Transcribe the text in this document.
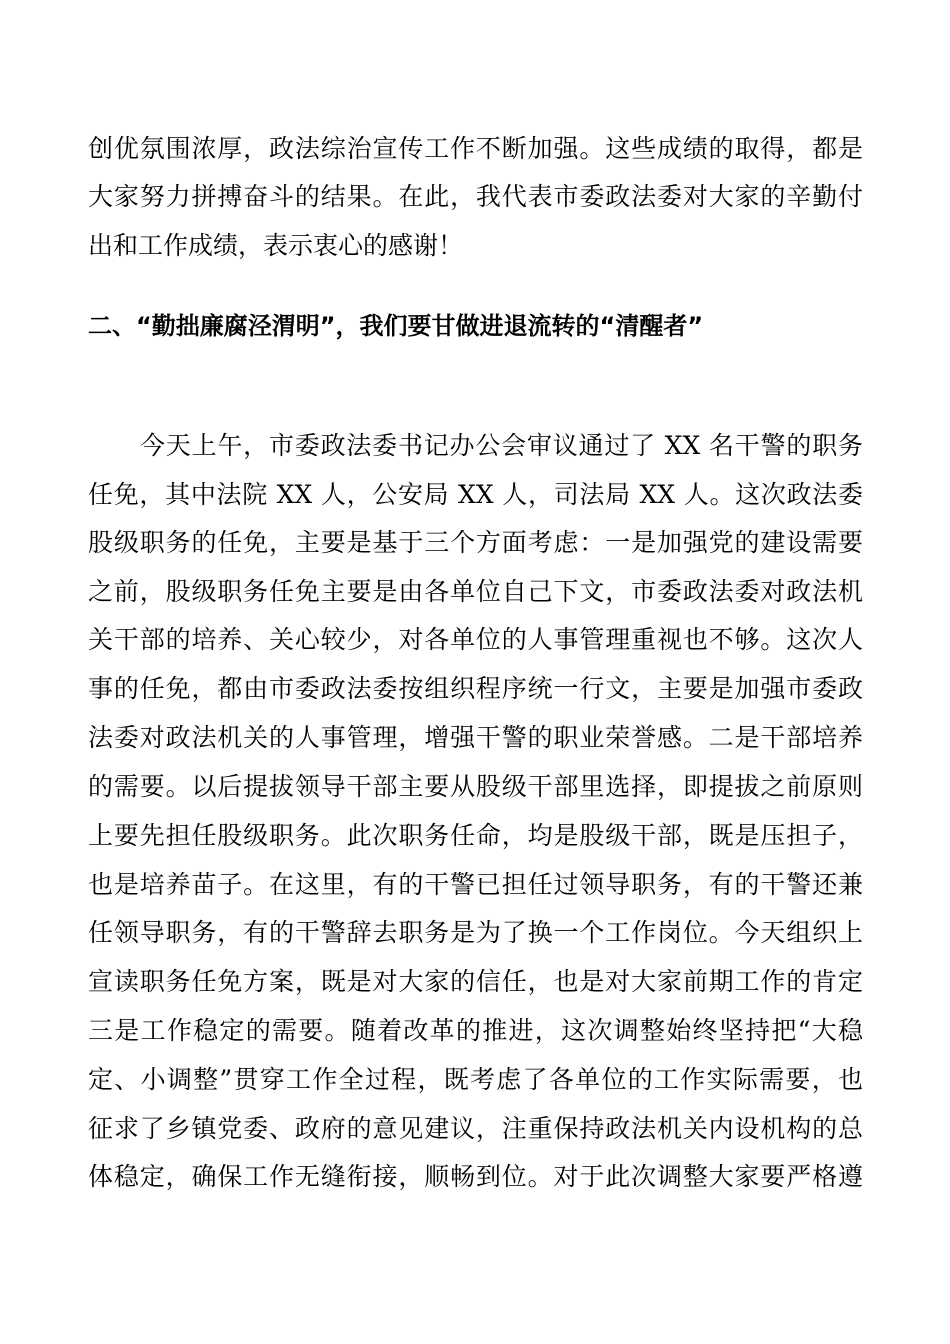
创优氛围浓厚，政法综治宣传工作不断加强。这些成绩的取得，都是
大家努力拼搏奋斗的结果。在此，我代表市委政法委对大家的辛勤付
出和工作成绩，表示衷心的感谢！
二、“勤拙廉腐泾渭明”，我们要甘做进退流转的“清醒者”
今天上午，市委政法委书记办公会审议通过了 XX 名干警的职务
任免，其中法院 XX 人，公安局 XX 人，司法局 XX 人。这次政法委
股级职务的任免，主要是基于三个方面考虑：一是加强党的建设需要
之前，股级职务任免主要是由各单位自己下文，市委政法委对政法机
关干部的培养、关心较少，对各单位的人事管理重视也不够。这次人
事的任免，都由市委政法委按组织程序统一行文，主要是加强市委政
法委对政法机关的人事管理，增强干警的职业荣誉感。二是干部培养
的需要。以后提拔领导干部主要从股级干部里选择，即提拔之前原则
上要先担任股级职务。此次职务任命，均是股级干部，既是压担子，
也是培养苗子。在这里，有的干警已担任过领导职务，有的干警还兼
任领导职务，有的干警辞去职务是为了换一个工作岗位。今天组织上
宣读职务任免方案，既是对大家的信任，也是对大家前期工作的肯定
三是工作稳定的需要。随着改革的推进，这次调整始终坚持把“大稳
定、小调整”贯穿工作全过程，既考虑了各单位的工作实际需要，也
征求了乡镇党委、政府的意见建议，注重保持政法机关内设机构的总
体稳定，确保工作无缝衔接，顺畅到位。对于此次调整大家要严格遵
